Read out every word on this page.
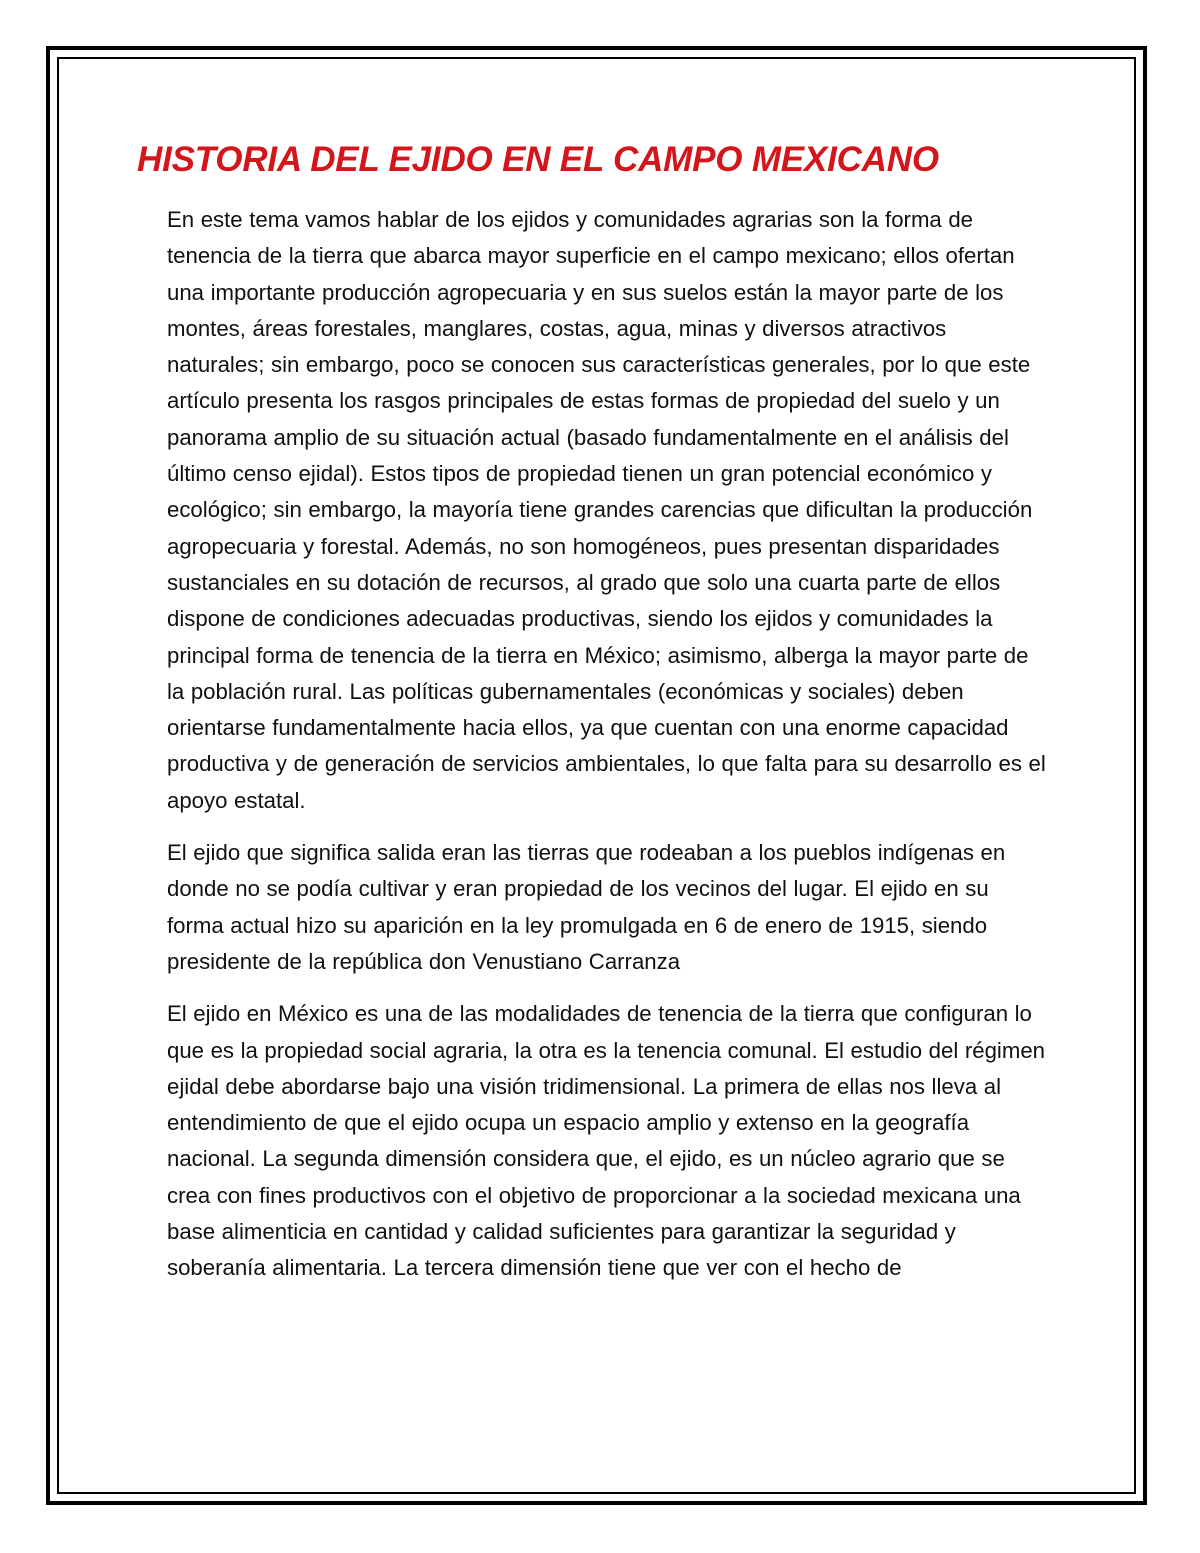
HISTORIA DEL EJIDO EN EL CAMPO MEXICANO

En este tema vamos hablar de los ejidos y comunidades agrarias son la forma de tenencia de la tierra que abarca mayor superficie en el campo mexicano; ellos ofertan una importante producción agropecuaria y en sus suelos están la mayor parte de los montes, áreas forestales, manglares, costas, agua, minas y diversos atractivos naturales; sin embargo, poco se conocen sus características generales, por lo que este artículo presenta los rasgos principales de estas formas de propiedad del suelo y un panorama amplio de su situación actual (basado fundamentalmente en el análisis del último censo ejidal). Estos tipos de propiedad tienen un gran potencial económico y ecológico; sin embargo, la mayoría tiene grandes carencias que dificultan la producción agropecuaria y forestal. Además, no son homogéneos, pues presentan disparidades sustanciales en su dotación de recursos, al grado que solo una cuarta parte de ellos dispone de condiciones adecuadas productivas, siendo los ejidos y comunidades la principal forma de tenencia de la tierra en México; asimismo, alberga la mayor parte de la población rural. Las políticas gubernamentales (económicas y sociales) deben orientarse fundamentalmente hacia ellos, ya que cuentan con una enorme capacidad productiva y de generación de servicios ambientales, lo que falta para su desarrollo es el apoyo estatal.

El ejido que significa salida eran las tierras que rodeaban a los pueblos indígenas en donde no se podía cultivar y eran propiedad de los vecinos del lugar. El ejido en su forma actual hizo su aparición en la ley promulgada en 6 de enero de 1915, siendo presidente de la república don Venustiano Carranza

El ejido en México es una de las modalidades de tenencia de la tierra que configuran lo que es la propiedad social agraria, la otra es la tenencia comunal. El estudio del régimen ejidal debe abordarse bajo una visión tridimensional. La primera de ellas nos lleva al entendimiento de que el ejido ocupa un espacio amplio y extenso en la geografía nacional. La segunda dimensión considera que, el ejido, es un núcleo agrario que se crea con fines productivos con el objetivo de proporcionar a la sociedad mexicana una base alimenticia en cantidad y calidad suficientes para garantizar la seguridad y soberanía alimentaria. La tercera dimensión tiene que ver con el hecho de
